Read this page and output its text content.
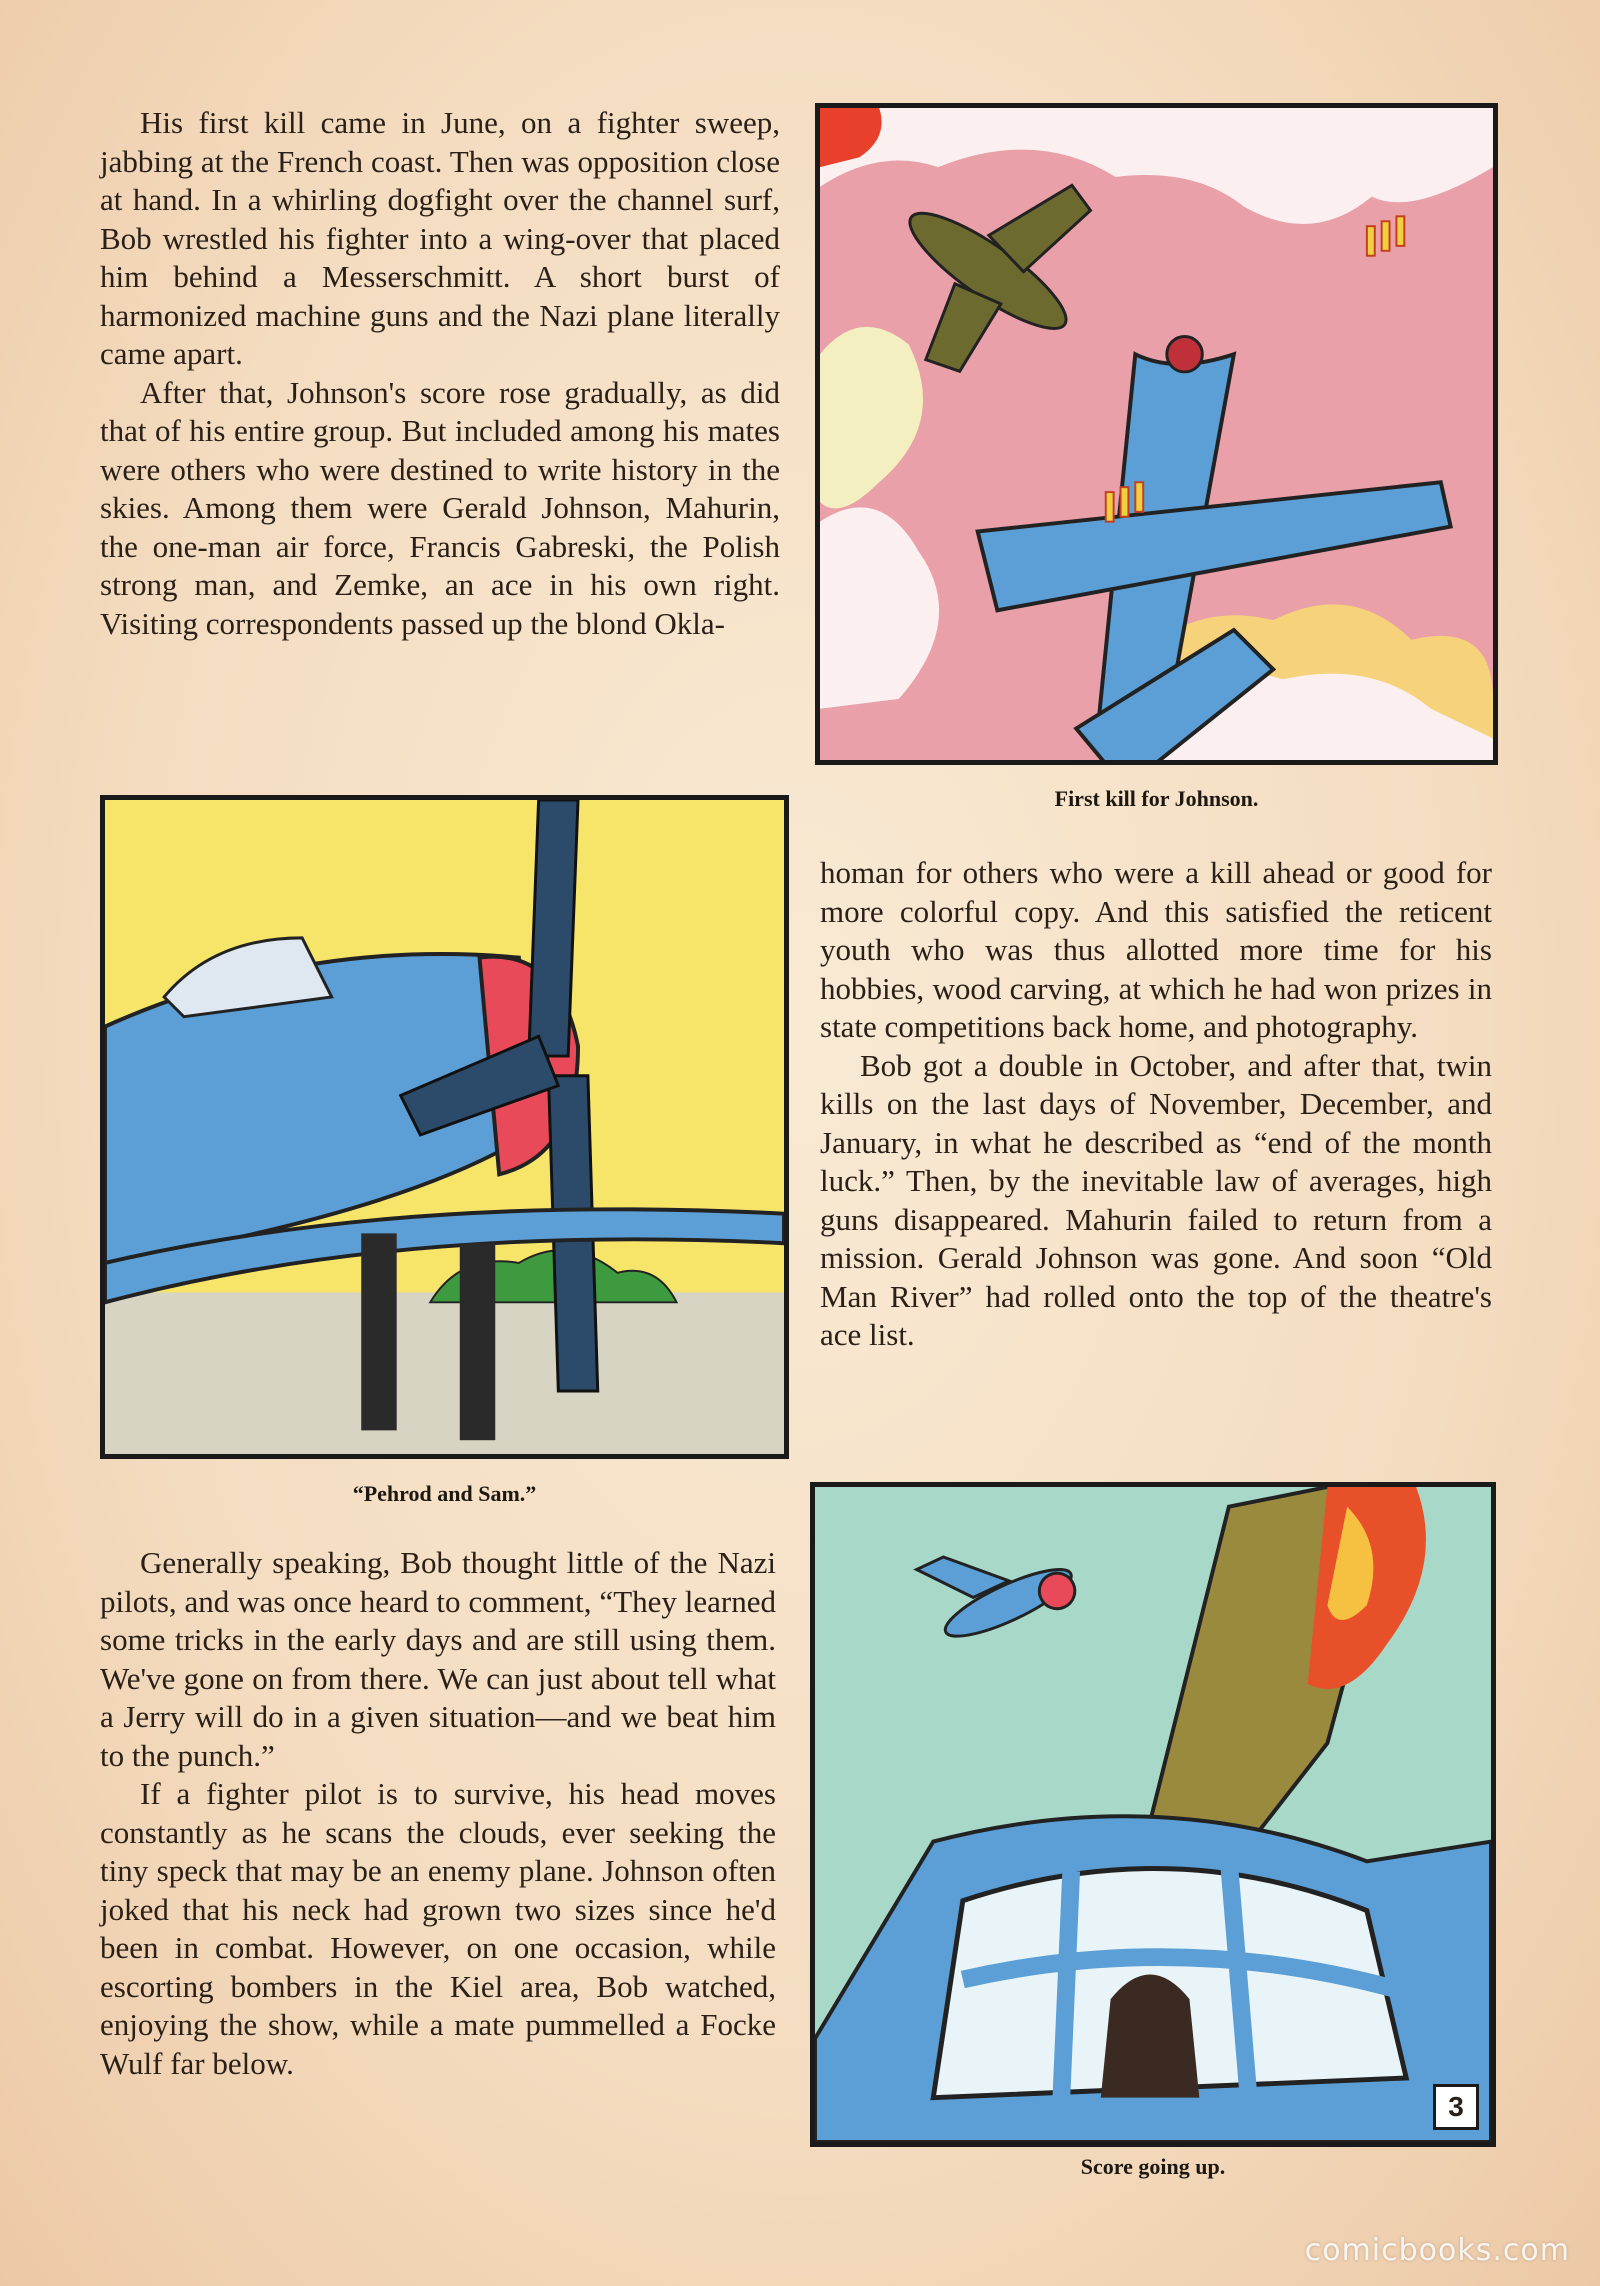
His first kill came in June, on a fighter sweep, jabbing at the French coast. Then was opposition close at hand. In a whirling dogfight over the channel surf, Bob wrestled his fighter into a wing-over that placed him behind a Messerschmitt. A short burst of harmonized machine guns and the Nazi plane literally came apart.

After that, Johnson's score rose gradually, as did that of his entire group. But included among his mates were others who were destined to write history in the skies. Among them were Gerald Johnson, Mahurin, the one-man air force, Francis Gabreski, the Polish strong man, and Zemke, an ace in his own right. Visiting correspondents passed up the blond Okla-

First kill for Johnson.
“Pehrod and Sam.”

homan for others who were a kill ahead or good for more colorful copy. And this satisfied the reticent youth who was thus allotted more time for his hobbies, wood carving, at which he had won prizes in state competitions back home, and photography.

Bob got a double in October, and after that, twin kills on the last days of November, December, and January, in what he described as “end of the month luck.” Then, by the inevitable law of averages, high guns disappeared. Mahurin failed to return from a mission. Gerald Johnson was gone. And soon “Old Man River” had rolled onto the top of the theatre's ace list.

Generally speaking, Bob thought little of the Nazi pilots, and was once heard to comment, “They learned some tricks in the early days and are still using them. We've gone on from there. We can just about tell what a Jerry will do in a given situation—and we beat him to the punch.”

If a fighter pilot is to survive, his head moves constantly as he scans the clouds, ever seeking the tiny speck that may be an enemy plane. Johnson often joked that his neck had grown two sizes since he'd been in combat. However, on one occasion, while escorting bombers in the Kiel area, Bob watched, enjoying the show, while a mate pummelled a Focke Wulf far below.

3
Score going up.
comicbooks.com
